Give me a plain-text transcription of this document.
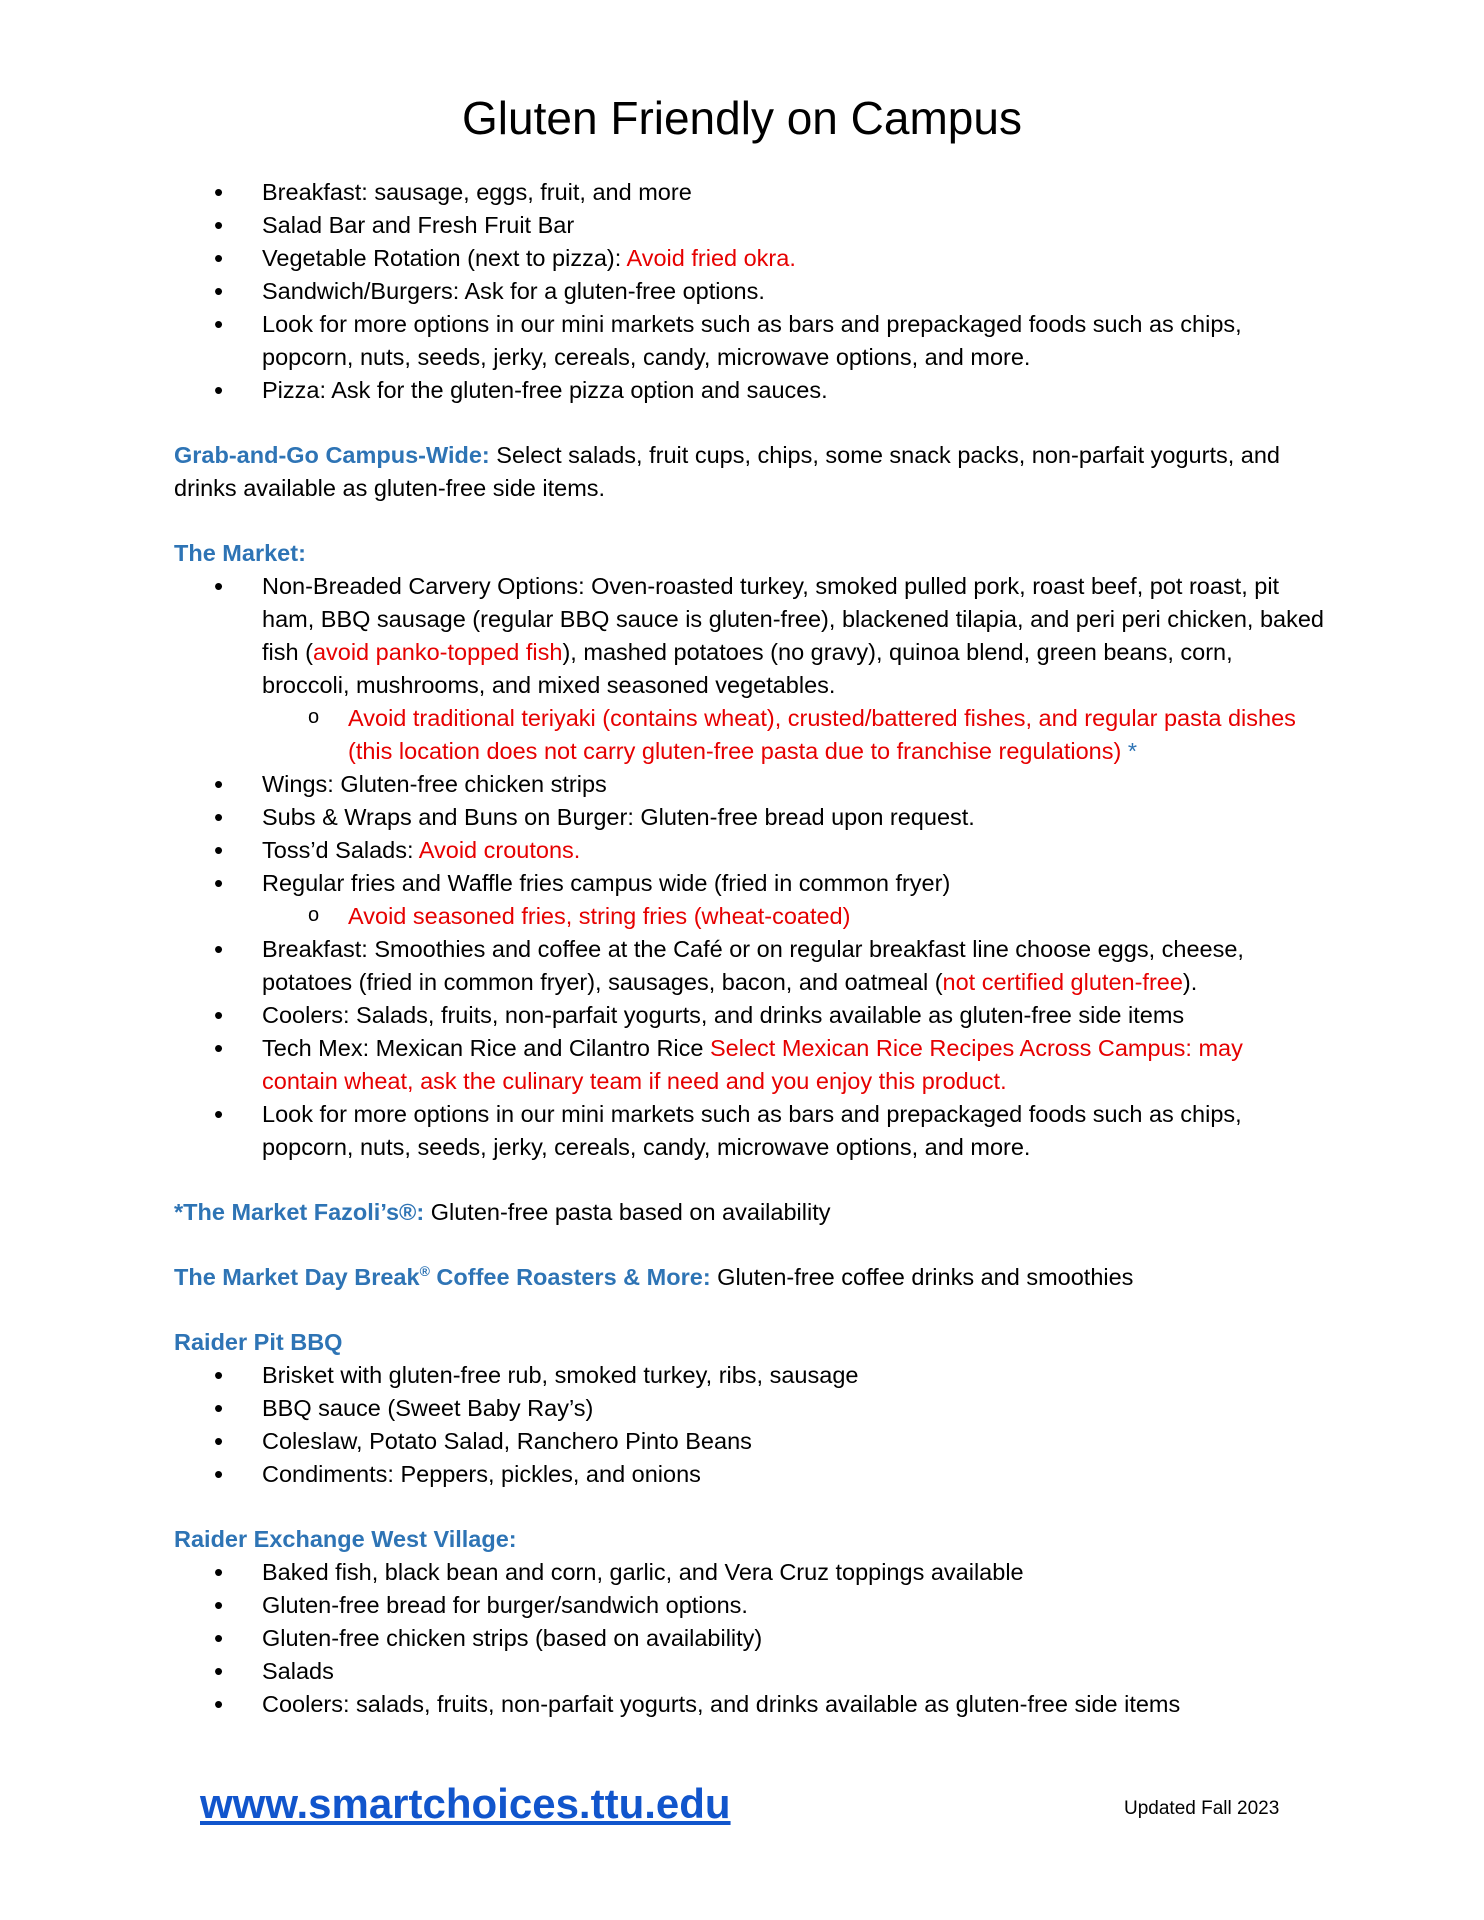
Gluten Friendly on Campus
• Breakfast: sausage, eggs, fruit, and more
• Salad Bar and Fresh Fruit Bar
• Vegetable Rotation (next to pizza): Avoid fried okra.
• Sandwich/Burgers: Ask for a gluten-free options.
• Look for more options in our mini markets such as bars and prepackaged foods such as chips, popcorn, nuts, seeds, jerky, cereals, candy, microwave options, and more.
• Pizza: Ask for the gluten-free pizza option and sauces.

Grab-and-Go Campus-Wide: Select salads, fruit cups, chips, some snack packs, non-parfait yogurts, and drinks available as gluten-free side items.

The Market:

• Non-Breaded Carvery Options: Oven-roasted turkey, smoked pulled pork, roast beef, pot roast, pit ham, BBQ sausage (regular BBQ sauce is gluten-free), blackened tilapia, and peri peri chicken, baked fish (avoid panko-topped fish), mashed potatoes (no gravy), quinoa blend, green beans, corn, broccoli, mushrooms, and mixed seasoned vegetables.
o Avoid traditional teriyaki (contains wheat), crusted/battered fishes, and regular pasta dishes (this location does not carry gluten-free pasta due to franchise regulations) *
• Wings: Gluten-free chicken strips
• Subs & Wraps and Buns on Burger: Gluten-free bread upon request.
• Toss’d Salads: Avoid croutons.
• Regular fries and Waffle fries campus wide (fried in common fryer)
o Avoid seasoned fries, string fries (wheat-coated)
• Breakfast: Smoothies and coffee at the Café or on regular breakfast line choose eggs, cheese, potatoes (fried in common fryer), sausages, bacon, and oatmeal (not certified gluten-free).
• Coolers: Salads, fruits, non-parfait yogurts, and drinks available as gluten-free side items
• Tech Mex: Mexican Rice and Cilantro Rice Select Mexican Rice Recipes Across Campus: may contain wheat, ask the culinary team if need and you enjoy this product.
• Look for more options in our mini markets such as bars and prepackaged foods such as chips, popcorn, nuts, seeds, jerky, cereals, candy, microwave options, and more.

*The Market Fazoli’s®: Gluten-free pasta based on availability

The Market Day Break® Coffee Roasters & More: Gluten-free coffee drinks and smoothies

Raider Pit BBQ

• Brisket with gluten-free rub, smoked turkey, ribs, sausage
• BBQ sauce (Sweet Baby Ray’s)
• Coleslaw, Potato Salad, Ranchero Pinto Beans
• Condiments: Peppers, pickles, and onions

Raider Exchange West Village:

• Baked fish, black bean and corn, garlic, and Vera Cruz toppings available
• Gluten-free bread for burger/sandwich options.
• Gluten-free chicken strips (based on availability)
• Salads
• Coolers: salads, fruits, non-parfait yogurts, and drinks available as gluten-free side items
www.smartchoices.ttu.edu	Updated Fall 2023
